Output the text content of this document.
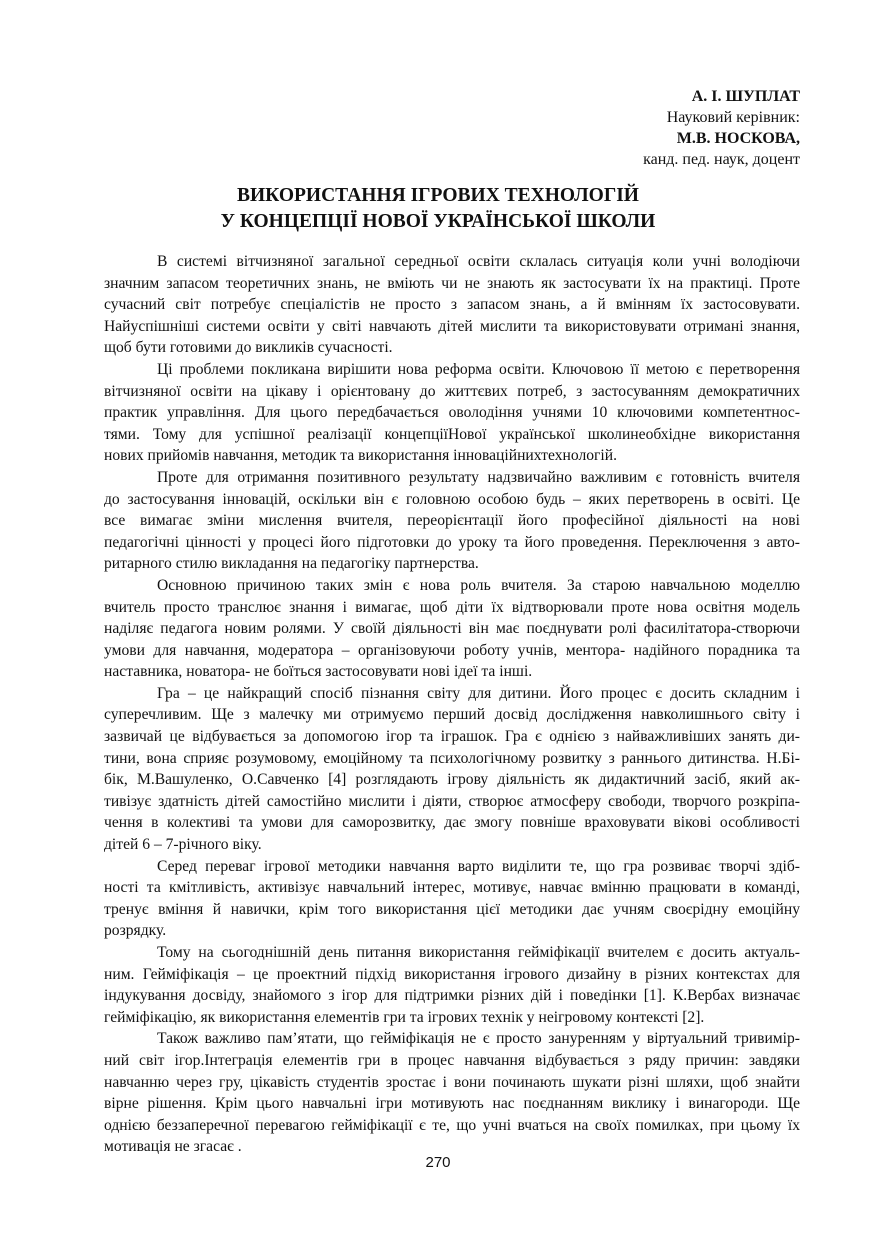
А. І. ШУПЛАТ
Науковий керівник:
М.В. НОСКОВА,
канд. пед. наук, доцент
ВИКОРИСТАННЯ ІГРОВИХ ТЕХНОЛОГІЙ
У КОНЦЕПЦІЇ НОВОЇ УКРАЇНСЬКОЇ ШКОЛИ
В системі вітчизняної загальної середньої освіти склалась ситуація коли учні володіючи
значним запасом теоретичних знань, не вміють чи не знають як застосувати їх на практиці. Проте
сучасний світ потребує спеціалістів не просто з запасом знань, а й вмінням їх застосовувати.
Найуспішніші системи освіти у світі навчають дітей мислити та використовувати отримані знання,
щоб бути готовими до викликів сучасності.
Ці проблеми покликана вирішити нова реформа освіти. Ключовою її метою є перетворення
вітчизняної освіти на цікаву і орієнтовану до життєвих потреб, з застосуванням демократичних
практик управління. Для цього передбачається оволодіння учнями 10 ключовими компетентнос-
тями. Тому для успішної реалізації концепціїНової української школинеобхідне використання
нових прийомів навчання, методик та використання інноваційнихтехнологій.
Проте для отримання позитивного результату надзвичайно важливим є готовність вчителя
до застосування інновацій, оскільки він є головною особою будь – яких перетворень в освіті. Це
все вимагає зміни мислення вчителя, переорієнтації його професійної діяльності на нові
педагогічні цінності у процесі його підготовки до уроку та його проведення. Переключення з авто-
ритарного стилю викладання на педагогіку партнерства.
Основною причиною таких змін є нова роль вчителя. За старою навчальною моделлю
вчитель просто транслює знання і вимагає, щоб діти їх відтворювали проте нова освітня модель
наділяє педагога новим ролями. У своїй діяльності він має поєднувати ролі фасилітатора-створючи
умови для навчання, модератора – організовуючи роботу учнів, ментора- надійного порадника та
наставника, новатора- не боїться застосовувати нові ідеї та інші.
Гра – це найкращий спосіб пізнання світу для дитини. Його процес є досить складним і
суперечливим. Ще з малечку ми отримуємо перший досвід дослідження навколишнього світу і
зазвичай це відбувається за допомогою ігор та іграшок. Гра є однією з найважливіших занять ди-
тини, вона сприяє розумовому, емоційному та психологічному розвитку з раннього дитинства. Н.Бі-
бік, М.Вашуленко, О.Савченко [4] розглядають ігрову діяльність як дидактичний засіб, який ак-
тивізує здатність дітей самостійно мислити і діяти, створює атмосферу свободи, творчого розкріпа-
чення в колективі та умови для саморозвитку, дає змогу повніше враховувати вікові особливості
дітей 6 – 7-річного віку.
Серед переваг ігрової методики навчання варто виділити те, що гра розвиває творчі здіб-
ності та кмітливість, активізує навчальний інтерес, мотивує, навчає вмінню працювати в команді,
тренує вміння й навички, крім того використання цієї методики дає учням своєрідну емоційну
розрядку.
Тому на сьогоднішній день питання використання гейміфікації вчителем є досить актуаль-
ним. Гейміфікація – це проектний підхід використання ігрового дизайну в різних контекстах для
індукування досвіду, знайомого з ігор для підтримки різних дій і поведінки [1]. К.Вербах визначає
гейміфікацію, як використання елементів гри та ігрових технік у неігровому контексті [2].
Також важливо пам’ятати, що гейміфікація не є просто зануренням у віртуальний тривимір-
ний світ ігор.Інтеграція елементів гри в процес навчання відбувається з ряду причин: завдяки
навчанню через гру, цікавість студентів зростає і вони починають шукати різні шляхи, щоб знайти
вірне рішення. Крім цього навчальні ігри мотивують нас поєднанням виклику і винагороди. Ще
однією беззаперечної перевагою гейміфікації є те, що учні вчаться на своїх помилках, при цьому їх
мотивація не згасає .
270
